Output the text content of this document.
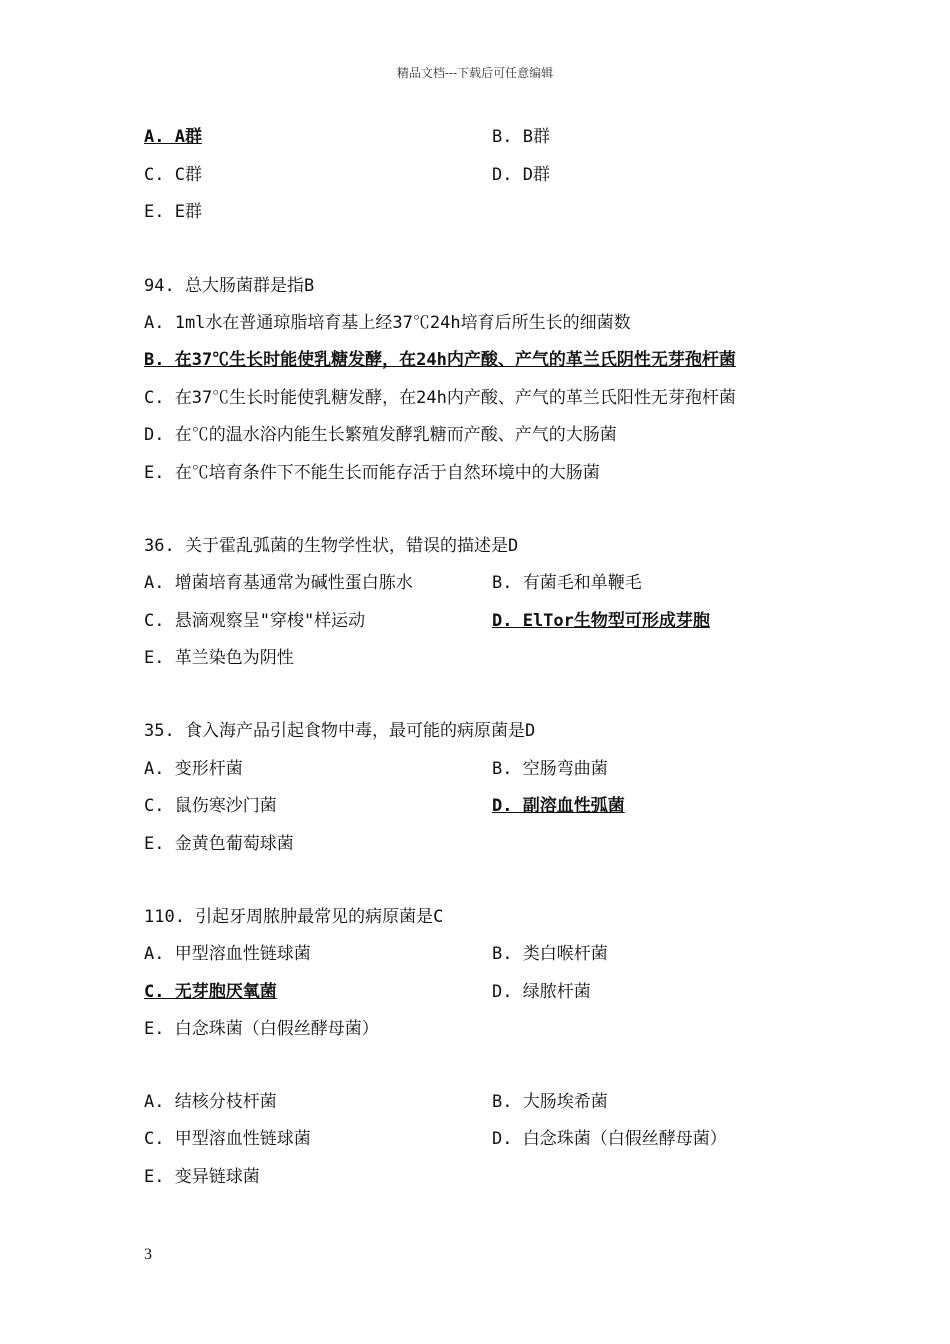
精品文档---下载后可任意编辑
A. A群	B. B群
C. C群	D. D群
E. E群
94. 总大肠菌群是指B
A. 1ml水在普通琼脂培育基上经37℃24h培育后所生长的细菌数
B. 在37℃生长时能使乳糖发酵，在24h内产酸、产气的革兰氏阴性无芽孢杆菌
C. 在37℃生长时能使乳糖发酵，在24h内产酸、产气的革兰氏阳性无芽孢杆菌
D. 在℃的温水浴内能生长繁殖发酵乳糖而产酸、产气的大肠菌
E. 在℃培育条件下不能生长而能存活于自然环境中的大肠菌
36. 关于霍乱弧菌的生物学性状，错误的描述是D
A. 增菌培育基通常为碱性蛋白胨水	B. 有菌毛和单鞭毛
C. 悬滴观察呈"穿梭"样运动	D. ElTor生物型可形成芽胞
E. 革兰染色为阴性
35. 食入海产品引起食物中毒，最可能的病原菌是D
A. 变形杆菌	B. 空肠弯曲菌
C. 鼠伤寒沙门菌	D. 副溶血性弧菌
E. 金黄色葡萄球菌
110. 引起牙周脓肿最常见的病原菌是C
A. 甲型溶血性链球菌	B. 类白喉杆菌
C. 无芽胞厌氧菌	D. 绿脓杆菌
E. 白念珠菌（白假丝酵母菌）
A. 结核分枝杆菌	B. 大肠埃希菌
C. 甲型溶血性链球菌	D. 白念珠菌（白假丝酵母菌）
E. 变异链球菌
3
